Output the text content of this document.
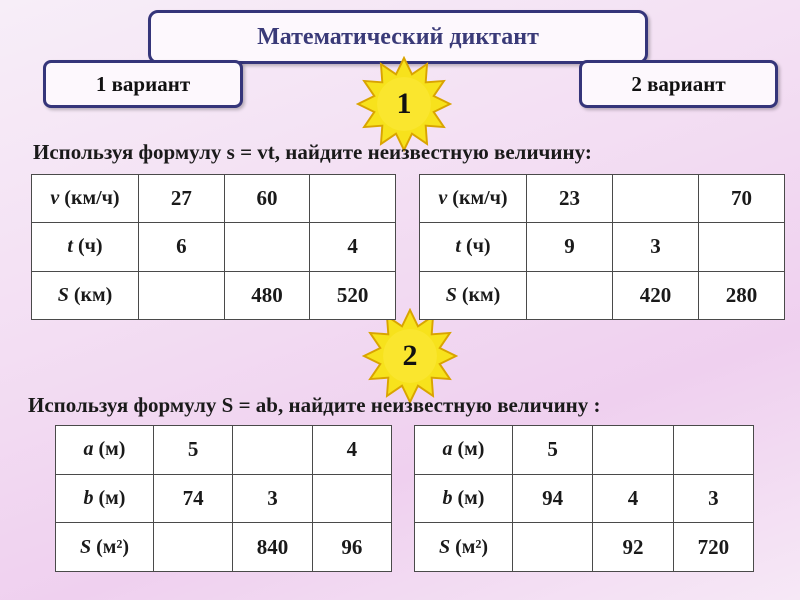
Математический диктант
1 вариант	2 вариант
1
2
Используя формулу s = vt, найдите неизвестную величину:
v (км/ч)	27	60	
t (ч)	6		4
S (км)		480	520
v (км/ч)	23		70
t (ч)	9	3	
S (км)		420	280
Используя формулу S = ab, найдите неизвестную величину :
a (м)	5		4
b (м)	74	3	
S (м²)		840	96
a (м)	5		
b (м)	94	4	3
S (м²)		92	720
